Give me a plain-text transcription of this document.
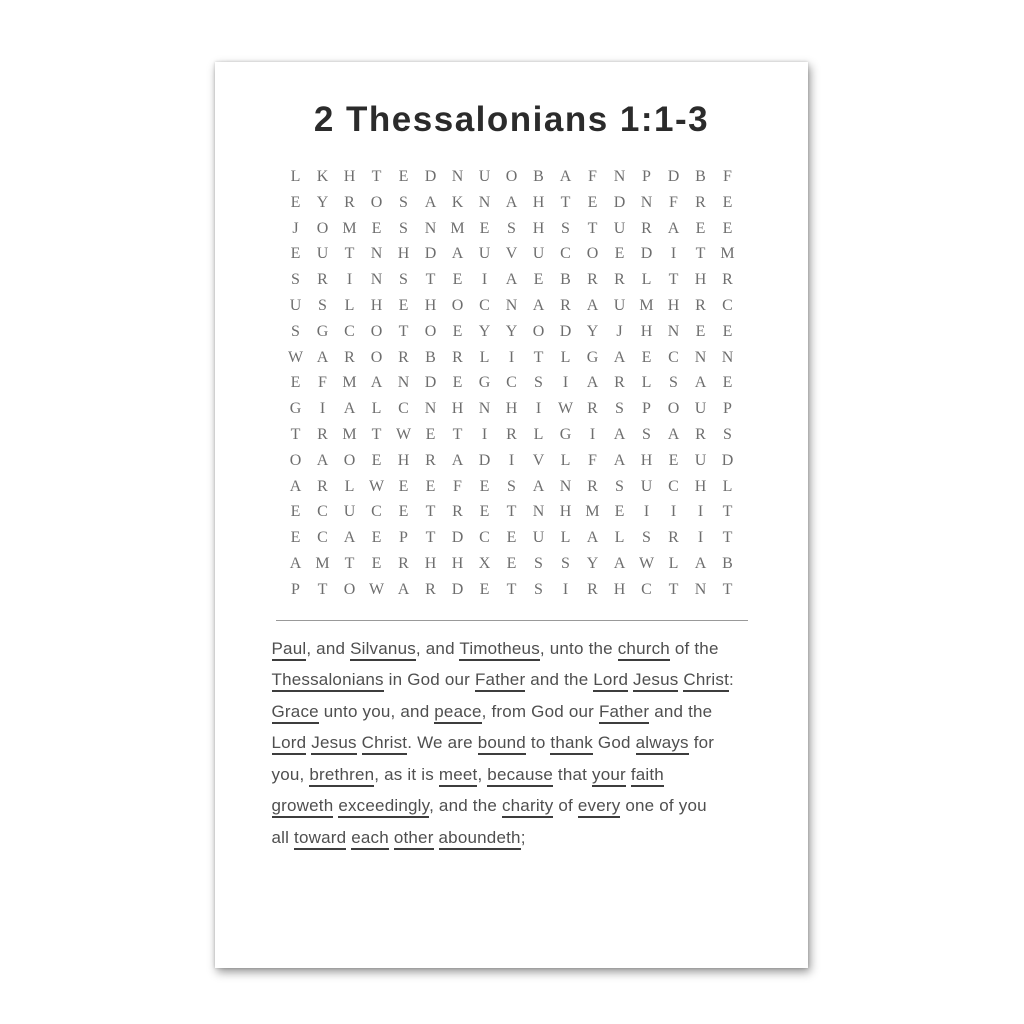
2 Thessalonians 1:1-3
L	K H	T	E	D N U O B A	F	N	P	D B	F
E	Y R O	S	A K N A H	T	E	D N	F	R	E
J	O M E	S	N M E	S	H	S	T	U R A	E	E
E	U	T	N H D A U V U C O	E	D	I	T M
S	R	I	N	S	T	E	I	A	E	B	R	R	L	T	H R
U	S	L	H	E	H O C N A R A U M H R	C
S	G C O	T	O	E	Y Y O D Y	J	H N	E	E
W A R O R	B	R	L	I	T	L	G A	E	C N N
E	F M A N D	E	G C	S	I	A R	L	S	A	E
G	I	A	L	C N H N H	I	W R	S	P	O U	P
T	R M T W E	T	I	R	L	G	I	A	S	A R	S
O A O	E	H R A D	I	V	L	F	A H	E	U D
A R	L W E	E	F	E	S	A N R	S	U C H	L
E	C U C	E	T	R	E	T	N H M E	I	I	I	T
E	C A	E	P	T	D C	E	U	L	A	L	S	R	I	T
A M T	E	R H H X	E	S	S	Y A W L	A B
P	T	O W A R D	E	T	S	I	R H C	T	N	T
Paul, and Silvanus, and Timotheus, unto the church of the
Thessalonians in God our Father and the Lord Jesus Christ:
Grace unto you, and peace, from God our Father and the
Lord Jesus Christ. We are bound to thank God always for
you, brethren, as it is meet, because that your faith
groweth exceedingly, and the charity of every one of you
all toward each other aboundeth;
